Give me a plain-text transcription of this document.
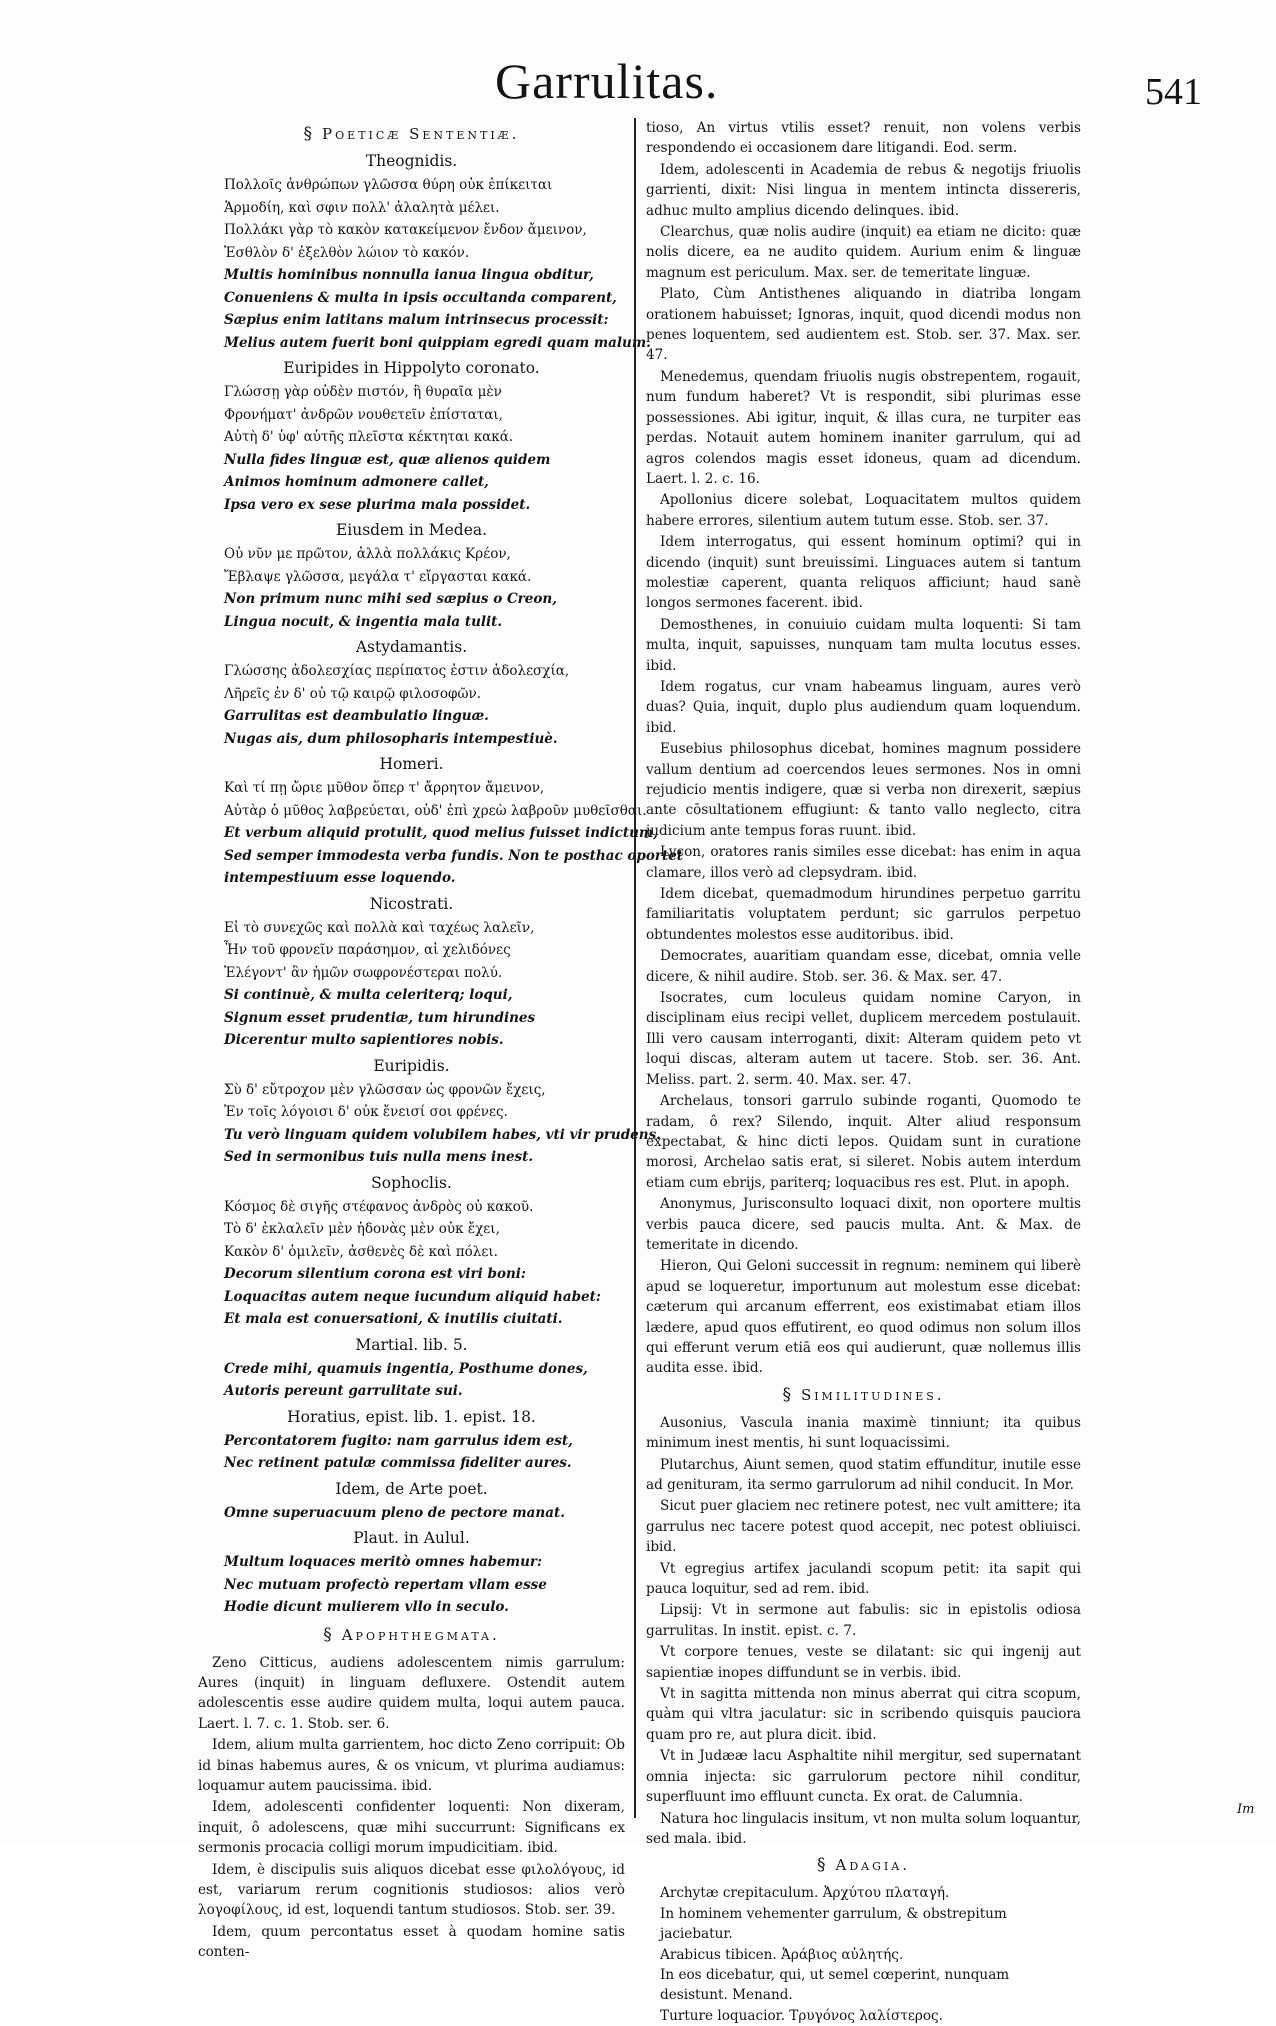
Garrulitas.	541
§ Poeticæ Sententiæ.
Theognidis.
Πολλοῖς ἀνθρώπων γλῶσσα θύρη οὐκ ἐπίκειται
Ἁρμοδίη, καὶ σφιν πολλ' ἀλαλητὰ μέλει.
Πολλάκι γὰρ τὸ κακὸν κατακείμενον ἔνδον ἄμεινον,
Ἐσθλὸν δ' ἐξελθὸν λώιον τὸ κακόν.
Multis hominibus nonnulla ianua lingua obditur,
Conueniens & multa in ipsis occultanda comparent,
Sæpius enim latitans malum intrinsecus processit:
Melius autem fuerit boni quippiam egredi quam malum.
Euripides in Hippolyto coronato.
Γλώσσῃ γὰρ οὐδὲν πιστόν, ἣ θυραῖα μὲν
Φρονήματ' ἀνδρῶν νουθετεῖν ἐπίσταται,
Αὐτὴ δ' ὑφ' αὑτῆς πλεῖστα κέκτηται κακά.
Nulla fides linguæ est, quæ alienos quidem
Animos hominum admonere callet,
Ipsa vero ex sese plurima mala possidet.
Eiusdem in Medea.
Οὐ νῦν με πρῶτον, ἀλλὰ πολλάκις Κρέον,
Ἔβλαψε γλῶσσα, μεγάλα τ' εἴργασται κακά.
Non primum nunc mihi sed sæpius o Creon,
Lingua nocuit, & ingentia mala tulit.
Astydamantis.
Γλώσσης ἀδολεσχίας περίπατος ἐστιν ἀδολεσχία,
Λῆρεῖς ἐν δ' οὐ τῷ καιρῷ φιλοσοφῶν.
Garrulitas est deambulatio linguæ.
Nugas ais, dum philosopharis intempestiuè.
Homeri.
Καὶ τί πῃ ὤριε μῦθον ὅπερ τ' ἄρρητον ἄμεινον,
Αὐτὰρ ὁ μῦθος λαβρεύεται, οὐδ' ἐπὶ χρεὼ λαβροῦν μυθεῖσθαι.
Et verbum aliquid protulit, quod melius fuisset indictum,
Sed semper immodesta verba fundis. Non te posthac oportet
intempestiuum esse loquendo.
Nicostrati.
Εἰ τὸ συνεχῶς καὶ πολλὰ καὶ ταχέως λαλεῖν,
Ἦν τοῦ φρονεῖν παράσημον, αἱ χελιδόνες
Ἐλέγοντ' ἂν ἡμῶν σωφρονέστεραι πολύ.
Si continuè, & multa celeriterq; loqui,
Signum esset prudentiæ, tum hirundines
Dicerentur multo sapientiores nobis.
Euripidis.
Σὺ δ' εὔτροχον μὲν γλῶσσαν ὡς φρονῶν ἔχεις,
Ἐν τοῖς λόγοισι δ' οὐκ ἔνεισί σοι φρένες.
Tu verò linguam quidem volubilem habes, vti vir prudens.
Sed in sermonibus tuis nulla mens inest.
Sophoclis.
Κόσμος δὲ σιγῆς στέφανος ἀνδρὸς οὐ κακοῦ.
Τὸ δ' ἐκλαλεῖν μὲν ἡδονὰς μὲν οὐκ ἔχει,
Κακὸν δ' ὁμιλεῖν, ἀσθενὲς δὲ καὶ πόλει.
Decorum silentium corona est viri boni:
Loquacitas autem neque iucundum aliquid habet:
Et mala est conuersationi, & inutilis ciuitati.
Martial. lib. 5.
Crede mihi, quamuis ingentia, Posthume dones,
Autoris pereunt garrulitate sui.
Horatius, epist. lib. 1. epist. 18.
Percontatorem fugito: nam garrulus idem est,
Nec retinent patulæ commissa fideliter aures.
Idem, de Arte poet.
Omne superuacuum pleno de pectore manat.
Plaut. in Aulul.
Multum loquaces meritò omnes habemur:
Nec mutuam profectò repertam vllam esse
Hodie dicunt mulierem vllo in seculo.
§ Apophthegmata.

Zeno Citticus, audiens adolescentem nimis garrulum: Aures (inquit) in linguam defluxere. Ostendit autem adolescentis esse audire quidem multa, loqui autem pauca. Laert. l. 7. c. 1. Stob. ser. 6.

Idem, alium multa garrientem, hoc dicto Zeno corripuit: Ob id binas habemus aures, & os vnicum, vt plurima audiamus: loquamur autem paucissima. ibid.

Idem, adolescenti confidenter loquenti: Non dixeram, inquit, ô adolescens, quæ mihi succurrunt: Significans ex sermonis procacia colligi morum impudicitiam. ibid.

Idem, è discipulis suis aliquos dicebat esse φιλολόγους, id est, variarum rerum cognitionis studiosos: alios verò λογοφίλους, id est, loquendi tantum studiosos. Stob. ser. 39.

Idem, quum percontatus esset à quodam homine satis conten-

tioso, An virtus vtilis esset? renuit, non volens verbis respondendo ei occasionem dare litigandi. Eod. serm.

Idem, adolescenti in Academia de rebus & negotijs friuolis garrienti, dixit: Nisi lingua in mentem intincta dissereris, adhuc multo amplius dicendo delinques. ibid.

Clearchus, quæ nolis audire (inquit) ea etiam ne dicito: quæ nolis dicere, ea ne audito quidem. Aurium enim & linguæ magnum est periculum. Max. ser. de temeritate linguæ.

Plato, Cùm Antisthenes aliquando in diatriba longam orationem habuisset; Ignoras, inquit, quod dicendi modus non penes loquentem, sed audientem est. Stob. ser. 37. Max. ser. 47.

Menedemus, quendam friuolis nugis obstrepentem, rogauit, num fundum haberet? Vt is respondit, sibi plurimas esse possessiones. Abi igitur, inquit, & illas cura, ne turpiter eas perdas. Notauit autem hominem inaniter garrulum, qui ad agros colendos magis esset idoneus, quam ad dicendum. Laert. l. 2. c. 16.

Apollonius dicere solebat, Loquacitatem multos quidem habere errores, silentium autem tutum esse. Stob. ser. 37.

Idem interrogatus, qui essent hominum optimi? qui in dicendo (inquit) sunt breuissimi. Linguaces autem si tantum molestiæ caperent, quanta reliquos afficiunt; haud sanè longos sermones facerent. ibid.

Demosthenes, in conuiuio cuidam multa loquenti: Si tam multa, inquit, sapuisses, nunquam tam multa locutus esses. ibid.

Idem rogatus, cur vnam habeamus linguam, aures verò duas? Quia, inquit, duplo plus audiendum quam loquendum. ibid.

Eusebius philosophus dicebat, homines magnum possidere vallum dentium ad coercendos leues sermones. Nos in omni rejudicio mentis indigere, quæ si verba non direxerit, sæpius ante cōsultationem effugiunt: & tanto vallo neglecto, citra judicium ante tempus foras ruunt. ibid.

Lycon, oratores ranis similes esse dicebat: has enim in aqua clamare, illos verò ad clepsydram. ibid.

Idem dicebat, quemadmodum hirundines perpetuo garritu familiaritatis voluptatem perdunt; sic garrulos perpetuo obtundentes molestos esse auditoribus. ibid.

Democrates, auaritiam quandam esse, dicebat, omnia velle dicere, & nihil audire. Stob. ser. 36. & Max. ser. 47.

Isocrates, cum loculeus quidam nomine Caryon, in disciplinam eius recipi vellet, duplicem mercedem postulauit. Illi vero causam interroganti, dixit: Alteram quidem peto vt loqui discas, alteram autem ut tacere. Stob. ser. 36. Ant. Meliss. part. 2. serm. 40. Max. ser. 47.

Archelaus, tonsori garrulo subinde roganti, Quomodo te radam, ô rex? Silendo, inquit. Alter aliud responsum expectabat, & hinc dicti lepos. Quidam sunt in curatione morosi, Archelao satis erat, si sileret. Nobis autem interdum etiam cum ebrijs, pariterq; loquacibus res est. Plut. in apoph.

Anonymus, Jurisconsulto loquaci dixit, non oportere multis verbis pauca dicere, sed paucis multa. Ant. & Max. de temeritate in dicendo.

Hieron, Qui Geloni successit in regnum: neminem qui liberè apud se loqueretur, importunum aut molestum esse dicebat: cæterum qui arcanum efferrent, eos existimabat etiam illos lædere, apud quos effutirent, eo quod odimus non solum illos qui efferunt verum etiā eos qui audierunt, quæ nollemus illis audita esse. ibid.

§ Similitudines.

Ausonius, Vascula inania maximè tinniunt; ita quibus minimum inest mentis, hi sunt loquacissimi.

Plutarchus, Aiunt semen, quod statim effunditur, inutile esse ad genituram, ita sermo garrulorum ad nihil conducit. In Mor.

Sicut puer glaciem nec retinere potest, nec vult amittere; ita garrulus nec tacere potest quod accepit, nec potest obliuisci. ibid.

Vt egregius artifex jaculandi scopum petit: ita sapit qui pauca loquitur, sed ad rem. ibid.

Lipsij: Vt in sermone aut fabulis: sic in epistolis odiosa garrulitas. In instit. epist. c. 7.

Vt corpore tenues, veste se dilatant: sic qui ingenij aut sapientiæ inopes diffundunt se in verbis. ibid.

Vt in sagitta mittenda non minus aberrat qui citra scopum, quàm qui vltra jaculatur: sic in scribendo quisquis pauciora quam pro re, aut plura dicit. ibid.

Vt in Judææ lacu Asphaltite nihil mergitur, sed supernatant omnia injecta: sic garrulorum pectore nihil conditur, superfluunt imo effluunt cuncta. Ex orat. de Calumnia.

Natura hoc lingulacis insitum, vt non multa solum loquantur, sed mala. ibid.

§ Adagia.

Archytæ crepitaculum. Ἀρχύτου πλαταγή.

In hominem vehementer garrulum, & obstrepitum jaciebatur.

Arabicus tibicen. Ἀράβιος αὐλητής.

In eos dicebatur, qui, ut semel cœperint, nunquam desistunt. Menand.

Turture loquacior. Τρυγόνος λαλίστερος.

Im
